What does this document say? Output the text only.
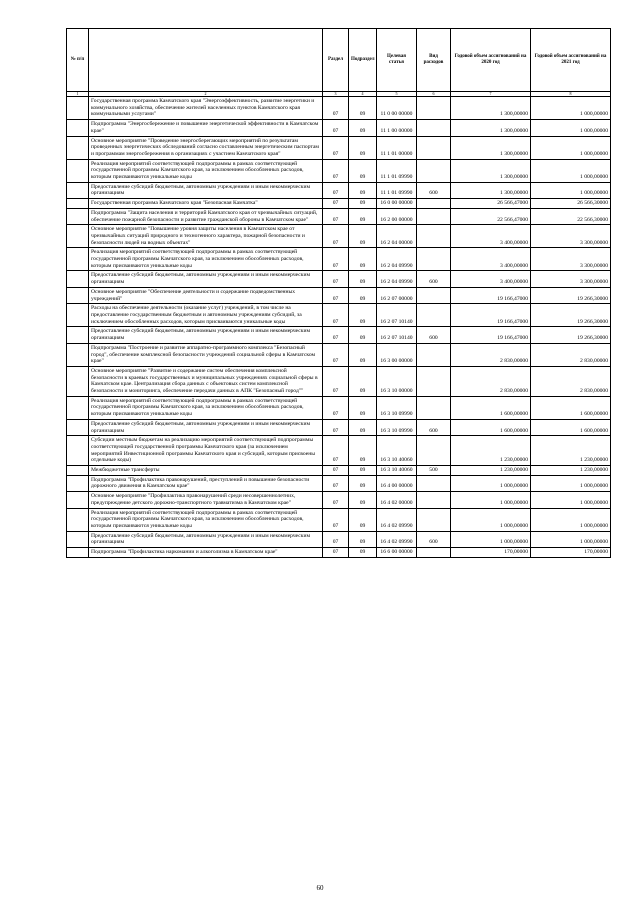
№ п/п		Раздел	Подраздел	Целевая статья	Вид расходов	Годовой объем ассигнований на 2020 год	Годовой объем ассигнований на 2021 год
1	2	3	4	5	6	7	8
	Государственная программа Камчатского края "Энергоэффективность, развитие энергетики и коммунального хозяйства, обеспечение жителей населенных пунктов Камчатского края коммунальными услугами"	07	09	11 0 00 00000		1 300,00000	1 000,00000
	Подпрограмма "Энергосбережение и повышение энергетической эффективности в Камчатском крае"	07	09	11 1 00 00000		1 300,00000	1 000,00000
	Основное мероприятие "Проведение энергосберегающих мероприятий по результатам проведенных энергетических обследований согласно составленным энергетическим паспортам и программам энергосбережения в организациях с участием Камчатского края"	07	09	11 1 01 00000		1 300,00000	1 000,00000
	Реализация мероприятий соответствующей подпрограммы в рамках соответствующей государственной программы Камчатского края, за исключением обособленных расходов, которым присваиваются уникальные коды	07	09	11 1 01 09990		1 300,00000	1 000,00000
	Предоставление субсидий бюджетным, автономным учреждениям и иным некоммерческим организациям	07	09	11 1 01 09990	600	1 300,00000	1 000,00000
	Государственная программа Камчатского края "Безопасная Камчатка"	07	09	16 0 00 00000		26 566,47000	26 566,30000
	Подпрограмма "Защита населения и территорий Камчатского края от чрезвычайных ситуаций, обеспечение пожарной безопасности и развитие гражданской обороны в Камчатском крае"	07	09	16 2 00 00000		22 566,47000	22 566,30000
	Основное мероприятие "Повышение уровня защиты населения в Камчатском крае от чрезвычайных ситуаций природного и техногенного характера, пожарной безопасности и безопасности людей на водных объектах"	07	09	16 2 04 00000		3 400,00000	3 300,00000
	Реализация мероприятий соответствующей подпрограммы в рамках соответствующей государственной программы Камчатского края, за исключением обособленных расходов, которым присваиваются уникальные коды	07	09	16 2 04 09990		3 400,00000	3 300,00000
	Предоставление субсидий бюджетным, автономным учреждениям и иным некоммерческим организациям	07	09	16 2 04 09990	600	3 400,00000	3 300,00000
	Основное мероприятие "Обеспечение деятельности и содержание подведомственных учреждений"	07	09	16 2 07 00000		19 166,47000	19 266,30000
	Расходы на обеспечение деятельности (оказание услуг) учреждений, в том числе на предоставление государственным бюджетным и автономным учреждениям субсидий, за исключением обособленных расходов, которым присваиваются уникальные коды	07	09	16 2 07 10140		19 166,47000	19 266,30000
	Предоставление субсидий бюджетным, автономным учреждениям и иным некоммерческим организациям	07	09	16 2 07 10140	600	19 166,47000	19 266,30000
	Подпрограмма "Построение и развитие аппаратно-программного комплекса "Безопасный город", обеспечение комплексной безопасности учреждений социальной сферы в Камчатском крае"	07	09	16 3 00 00000		2 830,00000	2 830,00000
	Основное мероприятие "Развитие и содержание систем обеспечения комплексной безопасности в краевых государственных и муниципальных учреждениях социальной сферы в Камчатском крае. Централизация сбора данных с объектовых систем комплексной безопасности и мониторинга, обеспечение передачи данных в АПК "Безопасный город""	07	09	16 3 10 00000		2 830,00000	2 830,00000
	Реализация мероприятий соответствующей подпрограммы в рамках соответствующей государственной программы Камчатского края, за исключением обособленных расходов, которым присваиваются уникальные коды	07	09	16 3 10 09990		1 600,00000	1 600,00000
	Предоставление субсидий бюджетным, автономным учреждениям и иным некоммерческим организациям	07	09	16 3 10 09990	600	1 600,00000	1 600,00000
	Субсидии местным бюджетам на реализацию мероприятий соответствующей подпрограммы соответствующей государственной программы Камчатского края (за исключением мероприятий Инвестиционной программы Камчатского края и субсидий, которым присвоены отдельные коды)	07	09	16 3 10 40060		1 230,00000	1 230,00000
	Межбюджетные трансферты	07	09	16 3 10 40060	500	1 230,00000	1 230,00000
	Подпрограмма "Профилактика правонарушений, преступлений и повышение безопасности дорожного движения в Камчатском крае"	07	09	16 4 00 00000		1 000,00000	1 000,00000
	Основное мероприятие "Профилактика правонарушений среди несовершеннолетних, предупреждение детского дорожно-транспортного травматизма в Камчатском крае"	07	09	16 4 02 00000		1 000,00000	1 000,00000
	Реализация мероприятий соответствующей подпрограммы в рамках соответствующей государственной программы Камчатского края, за исключением обособленных расходов, которым присваиваются уникальные коды	07	09	16 4 02 09990		1 000,00000	1 000,00000
	Предоставление субсидий бюджетным, автономным учреждениям и иным некоммерческим организациям	07	09	16 4 02 09990	600	1 000,00000	1 000,00000
	Подпрограмма "Профилактика наркомании и алкоголизма в Камчатском крае"	07	09	16 6 00 00000		170,00000	170,00000
60
